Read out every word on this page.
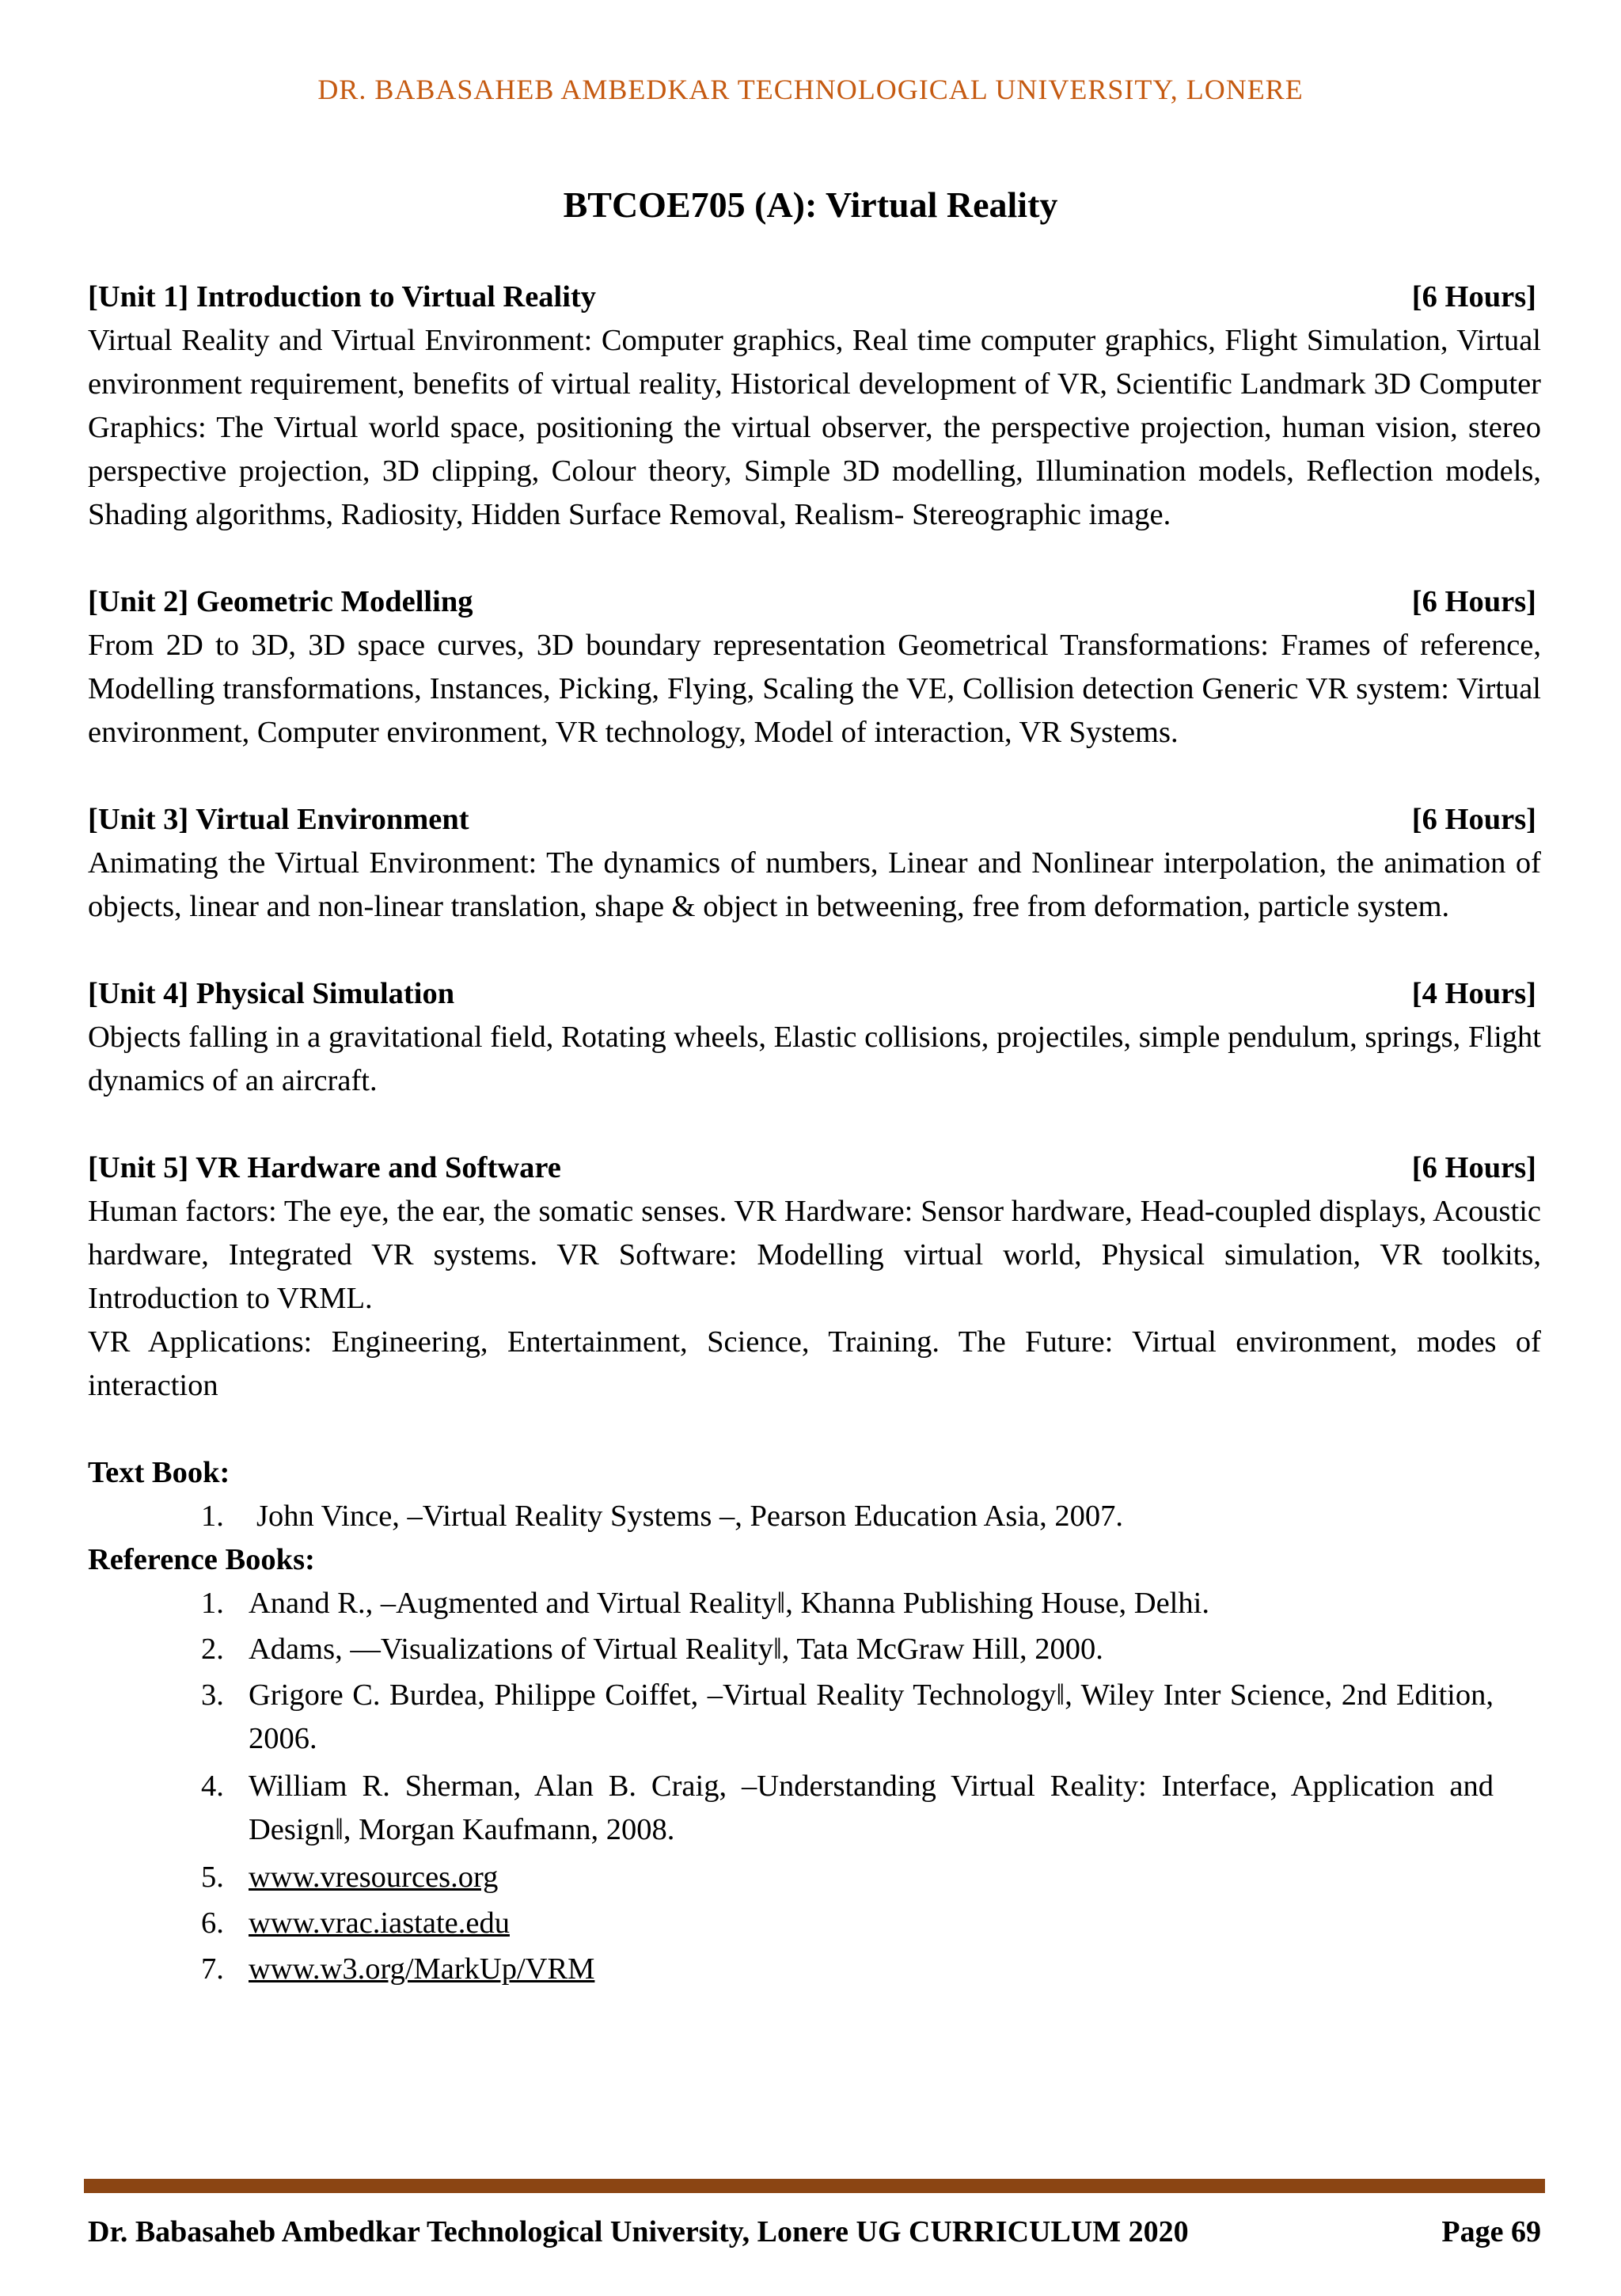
DR. BABASAHEB AMBEDKAR TECHNOLOGICAL UNIVERSITY, LONERE
BTCOE705 (A): Virtual Reality
[Unit 1] Introduction to Virtual Reality	[6 Hours]

Virtual Reality and Virtual Environment: Computer graphics, Real time computer graphics, Flight Simulation, Virtual environment requirement, benefits of virtual reality, Historical development of VR, Scientific Landmark 3D Computer Graphics: The Virtual world space, positioning the virtual observer, the perspective projection, human vision, stereo perspective projection, 3D clipping, Colour theory, Simple 3D modelling, Illumination models, Reflection models, Shading algorithms, Radiosity, Hidden Surface Removal, Realism- Stereographic image.

[Unit 2] Geometric Modelling	[6 Hours]

From 2D to 3D, 3D space curves, 3D boundary representation Geometrical Transformations: Frames of reference, Modelling transformations, Instances, Picking, Flying, Scaling the VE, Collision detection Generic VR system: Virtual environment, Computer environment, VR technology, Model of interaction, VR Systems.

[Unit 3] Virtual Environment	[6 Hours]

Animating the Virtual Environment: The dynamics of numbers, Linear and Nonlinear interpolation, the animation of objects, linear and non-linear translation, shape & object in betweening, free from deformation, particle system.

[Unit 4] Physical Simulation	[4 Hours]

Objects falling in a gravitational field, Rotating wheels, Elastic collisions, projectiles, simple pendulum, springs, Flight dynamics of an aircraft.

[Unit 5] VR Hardware and Software	[6 Hours]

Human factors: The eye, the ear, the somatic senses. VR Hardware: Sensor hardware, Head-coupled displays, Acoustic hardware, Integrated VR systems. VR Software: Modelling virtual world, Physical simulation, VR toolkits, Introduction to VRML.

VR Applications: Engineering, Entertainment, Science, Training. The Future: Virtual environment, modes of interaction

Text Book:
1. John Vince, –Virtual Reality Systems –, Pearson Education Asia, 2007.
Reference Books:
1. Anand R., –Augmented and Virtual Reality‖, Khanna Publishing House, Delhi.
2. Adams, ―Visualizations of Virtual Reality‖, Tata McGraw Hill, 2000.
3. Grigore C. Burdea, Philippe Coiffet, –Virtual Reality Technology‖, Wiley Inter Science, 2nd Edition, 2006.
4. William R. Sherman, Alan B. Craig, –Understanding Virtual Reality: Interface, Application and Design‖, Morgan Kaufmann, 2008.
5. www.vresources.org
6. www.vrac.iastate.edu
7. www.w3.org/MarkUp/VRM
Dr. Babasaheb Ambedkar Technological University, Lonere UG CURRICULUM 2020	Page 69
